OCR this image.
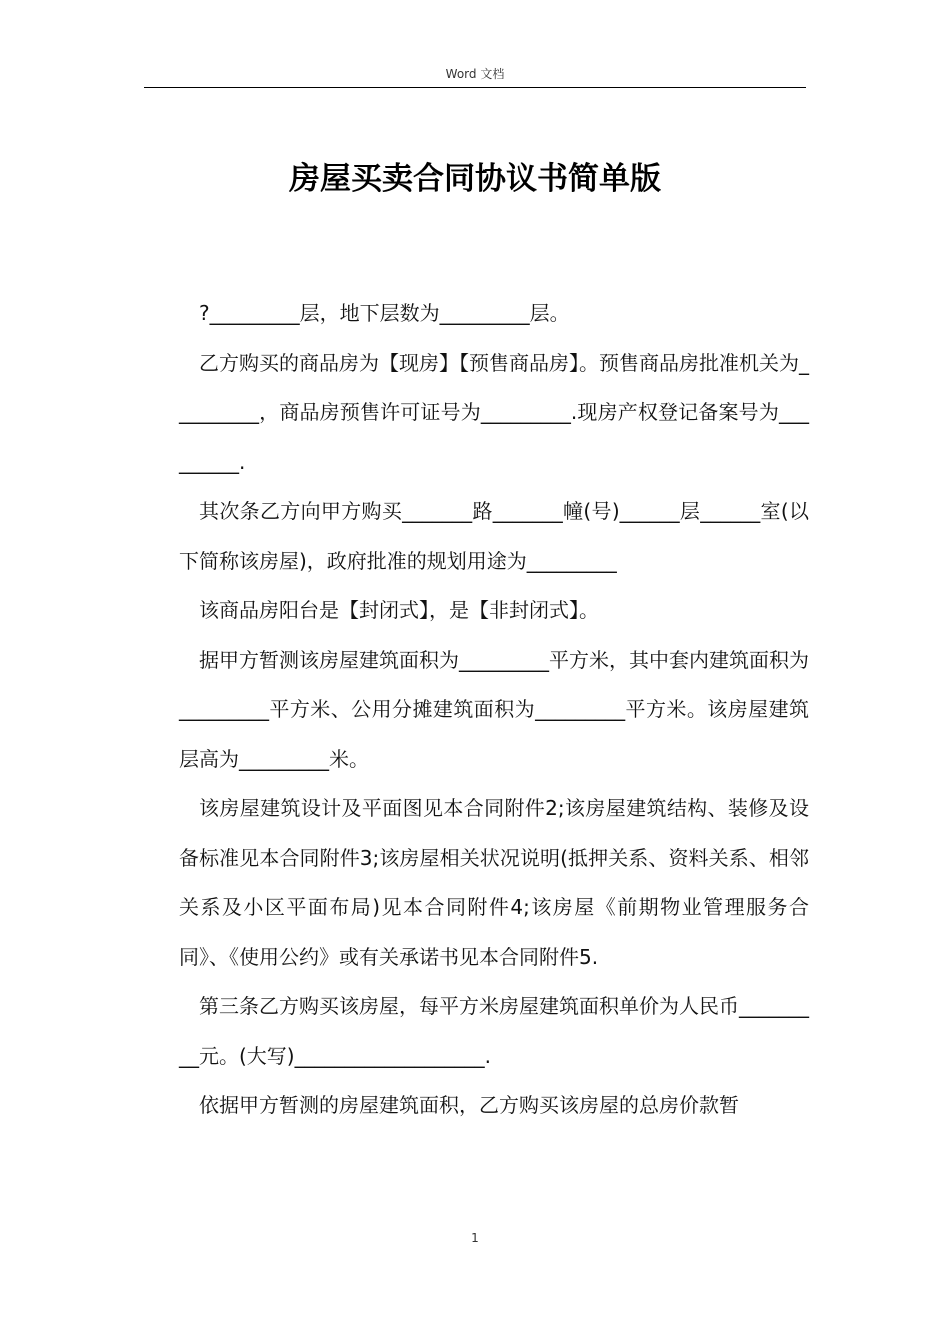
Word 文档
房屋买卖合同协议书简单版

?_________层，地下层数为_________层。

乙方购买的商品房为【现房】【预售商品房】。预售商品房批准机关为_________，商品房预售许可证号为_________.现房产权登记备案号为_________.

其次条乙方向甲方购买_______路_______幢(号)______层______室(以下简称该房屋)，政府批准的规划用途为_________

该商品房阳台是【封闭式】，是【非封闭式】。

据甲方暂测该房屋建筑面积为_________平方米，其中套内建筑面积为_________平方米、公用分摊建筑面积为_________平方米。该房屋建筑层高为_________米。

该房屋建筑设计及平面图见本合同附件2;该房屋建筑结构、装修及设备标准见本合同附件3;该房屋相关状况说明(抵押关系、资料关系、相邻关系及小区平面布局)见本合同附件4;该房屋《前期物业管理服务合同》、《使用公约》或有关承诺书见本合同附件5.

第三条乙方购买该房屋，每平方米房屋建筑面积单价为人民币_________元。(大写)___________________.

依据甲方暂测的房屋建筑面积，乙方购买该房屋的总房价款暂

1
